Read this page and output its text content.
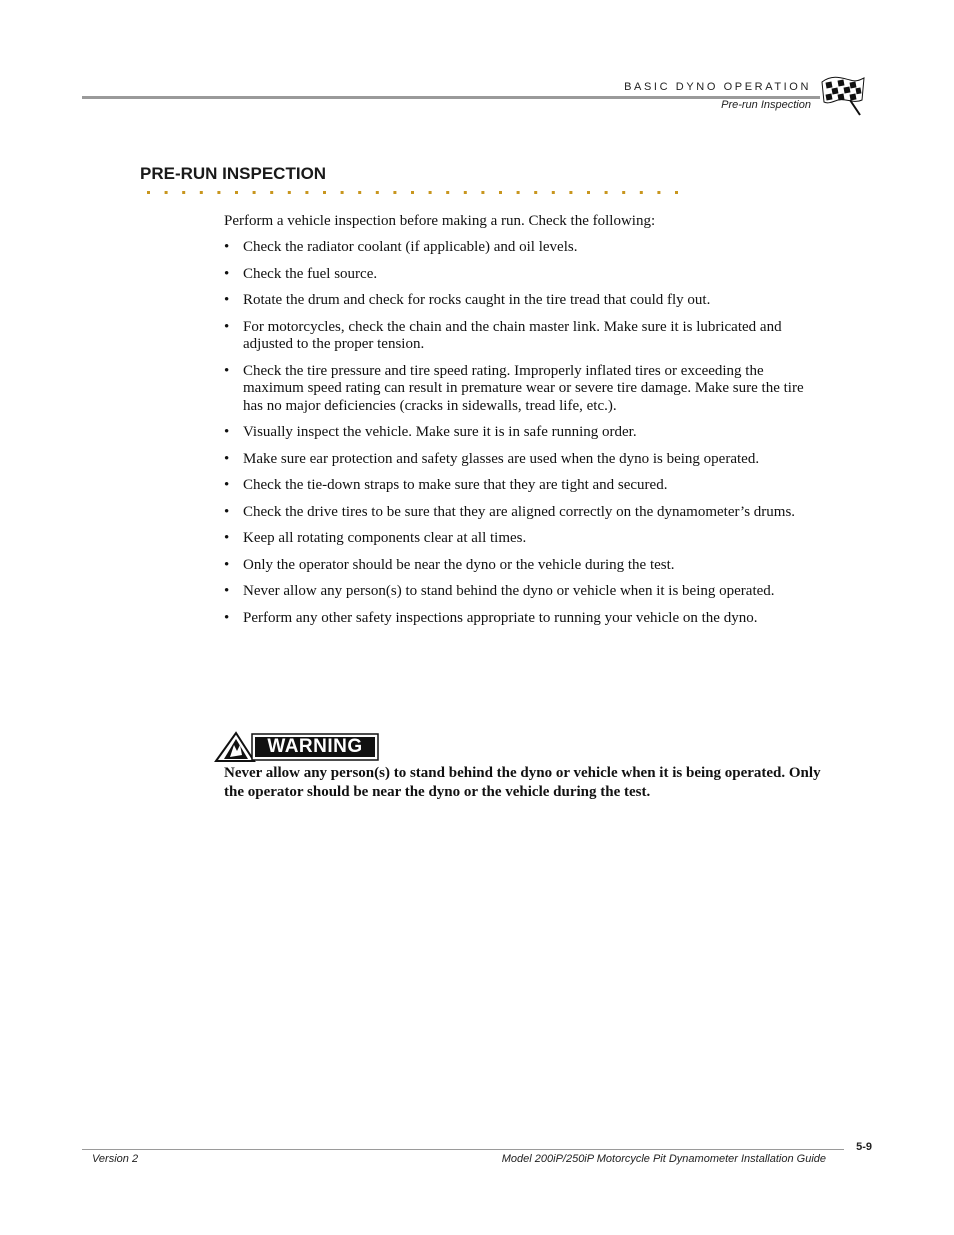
BASIC DYNO OPERATION
Pre-run Inspection
PRE-RUN INSPECTION
Perform a vehicle inspection before making a run. Check the following:
• Check the radiator coolant (if applicable) and oil levels.
• Check the fuel source.
• Rotate the drum and check for rocks caught in the tire tread that could fly out.
• For motorcycles, check the chain and the chain master link. Make sure it is lubricated and adjusted to the proper tension.
• Check the tire pressure and tire speed rating. Improperly inflated tires or exceeding the maximum speed rating can result in premature wear or severe tire damage. Make sure the tire has no major deficiencies (cracks in sidewalls, tread life, etc.).
• Visually inspect the vehicle. Make sure it is in safe running order.
• Make sure ear protection and safety glasses are used when the dyno is being operated.
• Check the tie-down straps to make sure that they are tight and secured.
• Check the drive tires to be sure that they are aligned correctly on the dynamometer’s drums.
• Keep all rotating components clear at all times.
• Only the operator should be near the dyno or the vehicle during the test.
• Never allow any person(s) to stand behind the dyno or vehicle when it is being operated.
• Perform any other safety inspections appropriate to running your vehicle on the dyno.
WARNING
Never allow any person(s) to stand behind the dyno or vehicle when it is being operated. Only the operator should be near the dyno or the vehicle during the test.
Version 2	Model 200iP/250iP Motorcycle Pit Dynamometer Installation Guide
5-9
